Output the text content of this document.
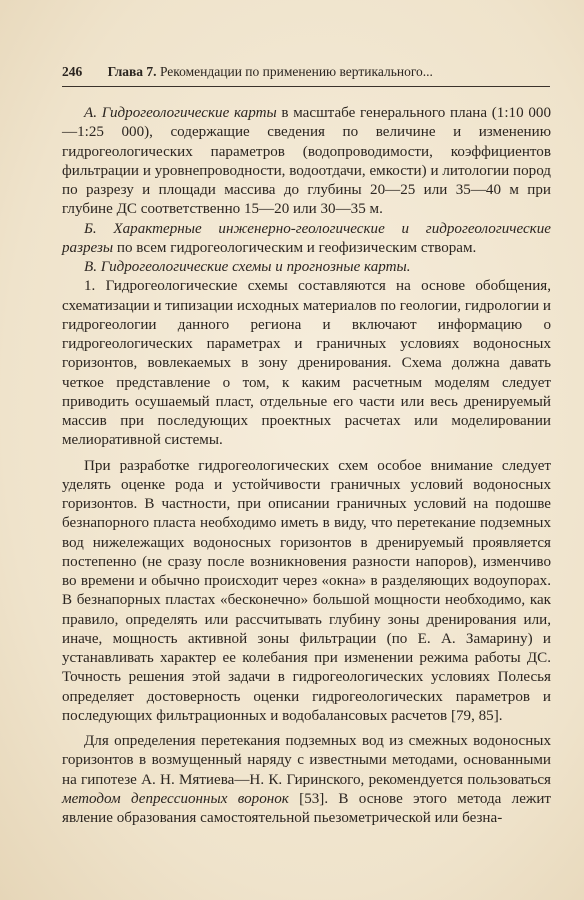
246 Глава 7. Рекомендации по применению вертикального...

А. Гидрогеологические карты в масштабе генерального плана (1:10 000—1:25 000), содержащие сведения по величине и изменению гидрогеологических параметров (водопроводимости, коэффициентов фильтрации и уровнепроводности, водоотдачи, емкости) и литологии пород по разрезу и площади массива до глубины 20—25 или 35—40 м при глубине ДС соответственно 15—20 или 30—35 м.

Б. Характерные инженерно-геологические и гидрогеологические разрезы по всем гидрогеологическим и геофизическим створам.

В. Гидрогеологические схемы и прогнозные карты.

1. Гидрогеологические схемы составляются на основе обобщения, схематизации и типизации исходных материалов по геологии, гидрологии и гидрогеологии данного региона и включают информацию о гидрогеологических параметрах и граничных условиях водоносных горизонтов, вовлекаемых в зону дренирования. Схема должна давать четкое представление о том, к каким расчетным моделям следует приводить осушаемый пласт, отдельные его части или весь дренируемый массив при последующих проектных расчетах или моделировании мелиоративной системы.

При разработке гидрогеологических схем особое внимание следует уделять оценке рода и устойчивости граничных условий водоносных горизонтов. В частности, при описании граничных условий на подошве безнапорного пласта необходимо иметь в виду, что перетекание подземных вод нижележащих водоносных горизонтов в дренируемый проявляется постепенно (не сразу после возникновения разности напоров), изменчиво во времени и обычно происходит через «окна» в разделяющих водоупорах. В безнапорных пластах «бесконечно» большой мощности необходимо, как правило, определять или рассчитывать глубину зоны дренирования или, иначе, мощность активной зоны фильтрации (по Е. А. Замарину) и устанавливать характер ее колебания при изменении режима работы ДС. Точность решения этой задачи в гидрогеологических условиях Полесья определяет достоверность оценки гидрогеологических параметров и последующих фильтрационных и водобалансовых расчетов [79, 85].

Для определения перетекания подземных вод из смежных водоносных горизонтов в возмущенный наряду с известными методами, основанными на гипотезе А. Н. Мятиева—Н. К. Гиринского, рекомендуется пользоваться методом депрессионных воронок [53]. В основе этого метода лежит явление образования самостоятельной пьезометрической или безна-
